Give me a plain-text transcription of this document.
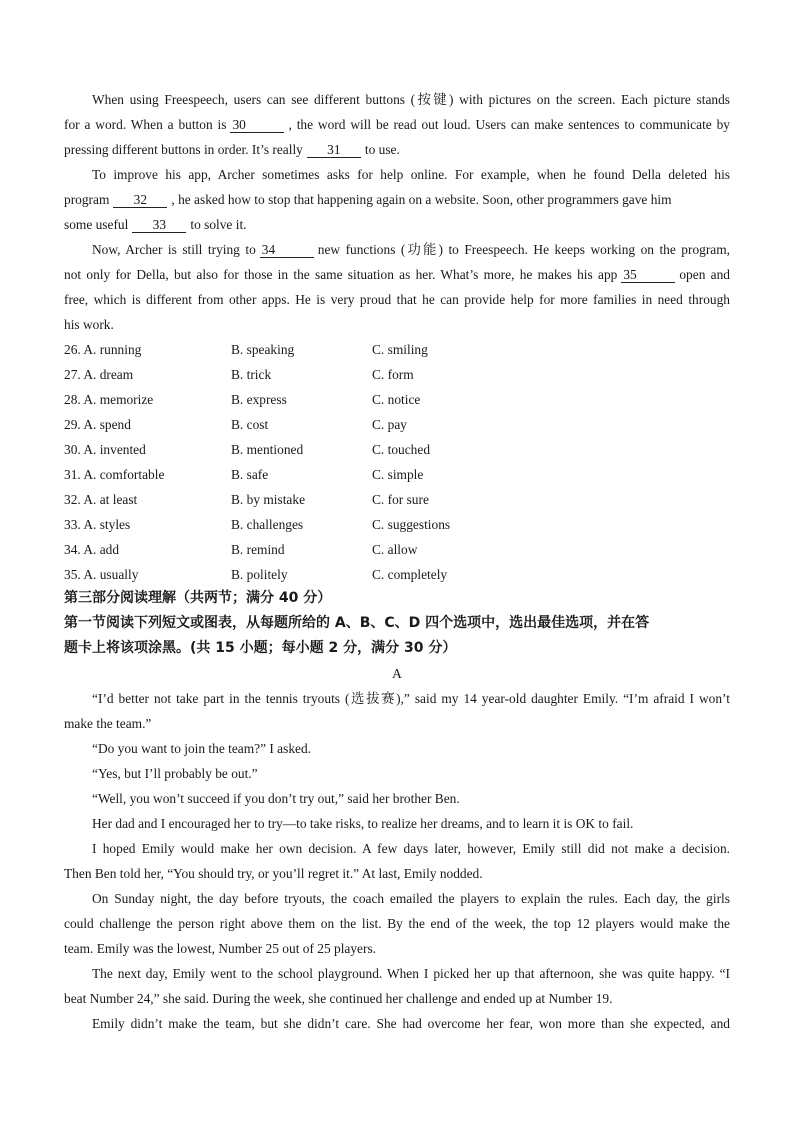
When using Freespeech, users can see different buttons (按键) with pictures on the screen. Each picture stands
for a word. When a button is 30	, the word will be read out loud. Users can make sentences to communicate by
pressing different buttons in order. It’s really 31 to use.
To improve his app, Archer sometimes asks for help online. For example, when he found Della deleted his
program 32 , he asked how to stop that happening again on a website. Soon, other programmers gave him
some useful 33 to solve it.
Now, Archer is still trying to 34	new functions (功能) to Freespeech. He keeps working on the program,
not only for Della, but also for those in the same situation as her. What’s more, he makes his app 35	open and
free, which is different from other apps. He is very proud that he can provide help for more families in need through
his work.
26. A. running	B. speaking	C. smiling
27. A. dream	B. trick	C. form
28. A. memorize	B. express	C. notice
29. A. spend	B. cost	C. pay
30. A. invented	B. mentioned	C. touched
31. A. comfortable	B. safe	C. simple
32. A. at least	B. by mistake	C. for sure
33. A. styles	B. challenges	C. suggestions
34. A. add	B. remind	C. allow
35. A. usually	B. politely	C. completely
第三部分阅读理解（共两节；满分 40 分）
第一节阅读下列短文或图表，从每题所给的 A、B、C、D 四个选项中，选出最佳选项，并在答
题卡上将该项涂黑。(共 15 小题；每小题 2 分，满分 30 分）
A
“I’d better not take part in the tennis tryouts (选拔赛),” said my 14 year-old daughter Emily. “I’m afraid I won’t
make the team.”
“Do you want to join the team?” I asked.
“Yes, but I’ll probably be out.”
“Well, you won’t succeed if you don’t try out,” said her brother Ben.
Her dad and I encouraged her to try—to take risks, to realize her dreams, and to learn it is OK to fail.
I hoped Emily would make her own decision. A few days later, however, Emily still did not make a decision.
Then Ben told her, “You should try, or you’ll regret it.” At last, Emily nodded.
On Sunday night, the day before tryouts, the coach emailed the players to explain the rules. Each day, the girls
could challenge the person right above them on the list. By the end of the week, the top 12 players would make the
team. Emily was the lowest, Number 25 out of 25 players.
The next day, Emily went to the school playground. When I picked her up that afternoon, she was quite happy. “I
beat Number 24,” she said. During the week, she continued her challenge and ended up at Number 19.
Emily didn’t make the team, but she didn’t care. She had overcome her fear, won more than she expected, and
